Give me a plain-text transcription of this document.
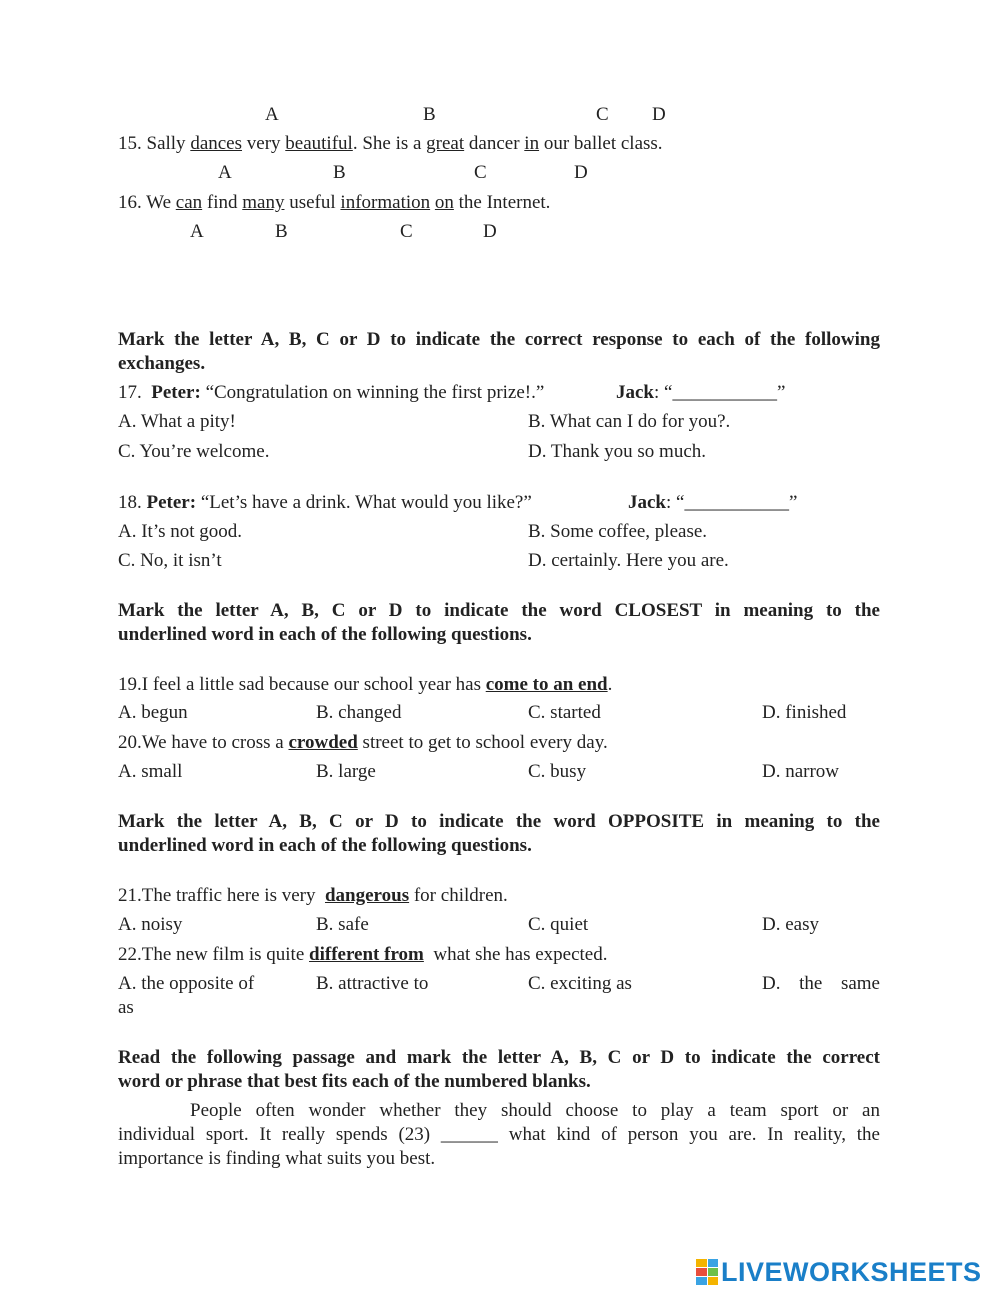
A	B	C D
15. Sally dances very beautiful. She is a great dancer in our ballet class.
A	B	C	D
16. We can find many useful information on the Internet.
A	B	C	D
Mark the letter A, B, C or D to indicate the correct response to each of the following
exchanges.
17. Peter: “Congratulation on winning the first prize!.”	Jack: “___________”
A. What a pity!	B. What can I do for you?.
C. You’re welcome.	D. Thank you so much.
18. Peter: “Let’s have a drink. What would you like?”	Jack: “___________”
A. It’s not good.	B. Some coffee, please.
C. No, it isn’t	D. certainly. Here you are.
Mark the letter A, B, C or D to indicate the word CLOSEST in meaning to the
underlined word in each of the following questions.
19.I feel a little sad because our school year has come to an end.
A. begun	B. changed	C. started	D. finished
20.We have to cross a crowded street to get to school every day.
A. small	B. large	C. busy	D. narrow
Mark the letter A, B, C or D to indicate the word OPPOSITE in meaning to the
underlined word in each of the following questions.
21.The traffic here is very  dangerous for children.
A. noisy	B. safe	C. quiet	D. easy
22.The new film is quite different from  what she has expected.
A. the opposite of	B. attractive to	C. exciting as	D.  the  same
as
Read the following passage and mark the letter A, B, C or D to indicate the correct
word or phrase that best fits each of the numbered blanks.
People often wonder whether they should choose to play a team sport or an
individual sport. It really spends (23) ______ what kind of person you are. In reality, the
importance is finding what suits you best.
LIVEWORKSHEETS
